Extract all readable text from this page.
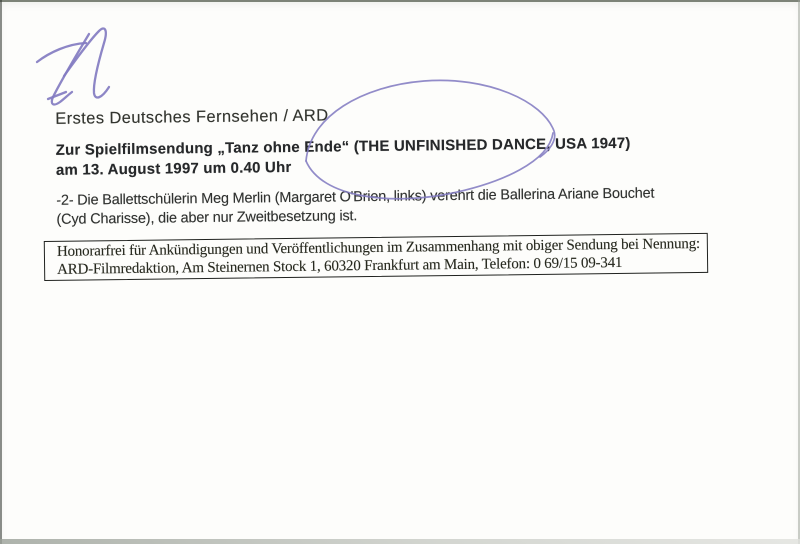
Erstes Deutsches Fernsehen / ARD
Zur Spielfilmsendung „Tanz ohne Ende“ (THE UNFINISHED DANCE, USA 1947)
am 13. August 1997 um 0.40 Uhr
-2- Die Ballettschülerin Meg Merlin (Margaret O'Brien, links) verehrt die Ballerina Ariane Bouchet
(Cyd Charisse), die aber nur Zweitbesetzung ist.
Honorarfrei für Ankündigungen und Veröffentlichungen im Zusammenhang mit obiger Sendung bei Nennung:
ARD-Filmredaktion, Am Steinernen Stock 1, 60320 Frankfurt am Main, Telefon: 0 69/15 09-341
